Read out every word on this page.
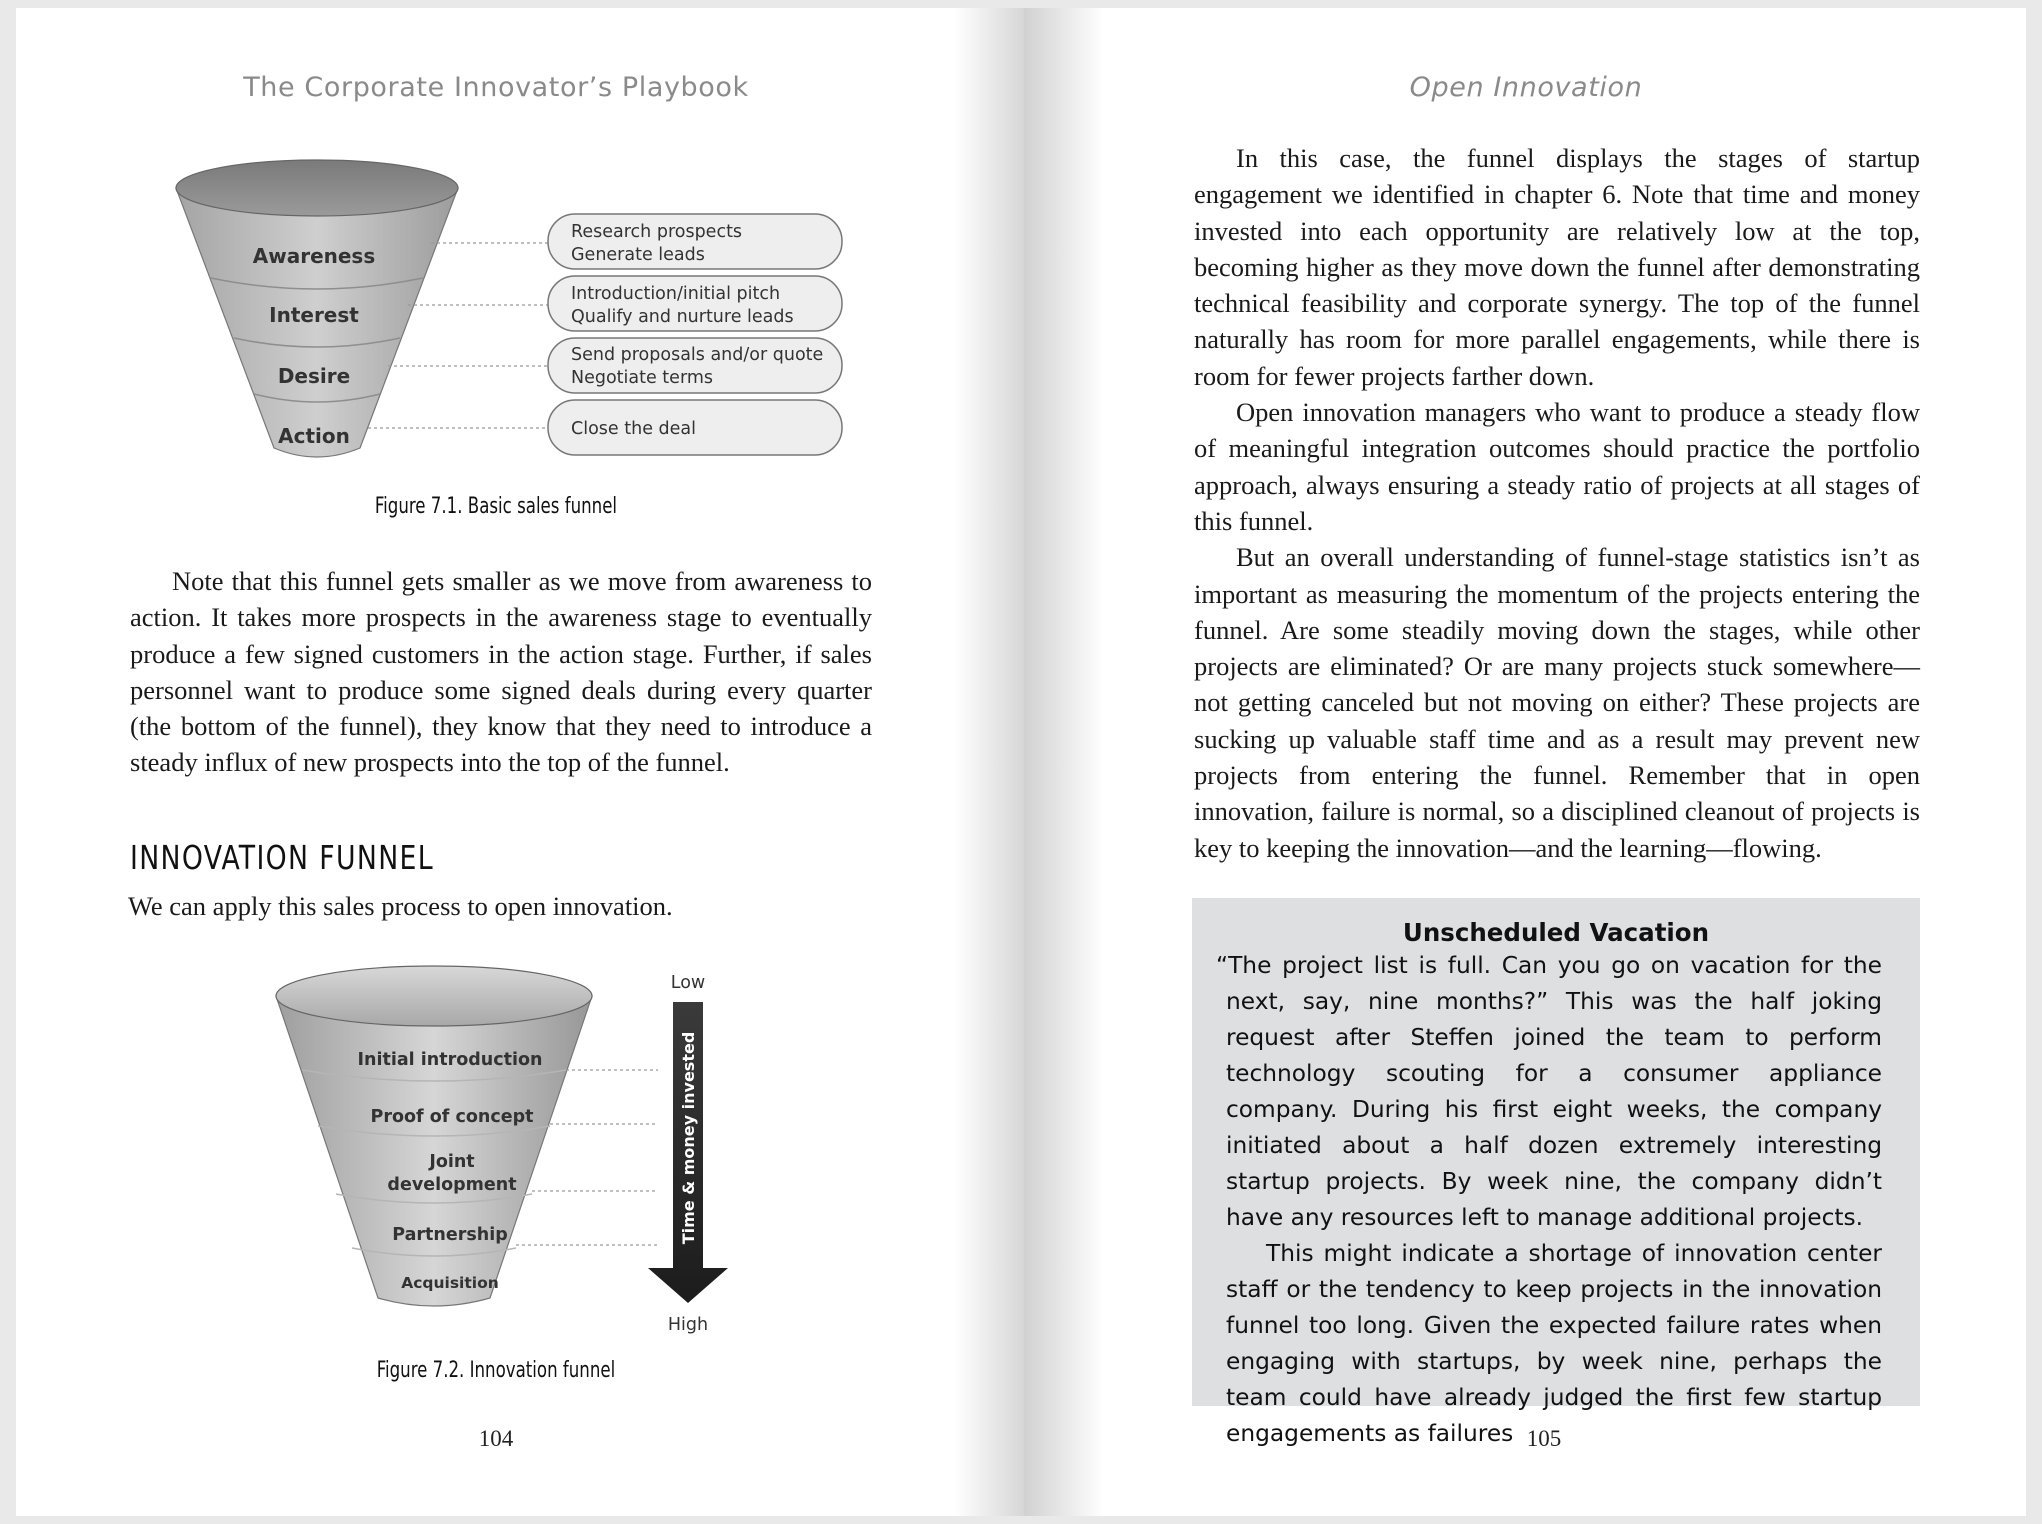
The Corporate Innovator’s Playbook
Awareness
Interest
Desire
Action
Research prospects
Generate leads
Introduction/initial pitch
Qualify and nurture leads
Send proposals and/or quote
Negotiate terms
Close the deal
Figure 7.1. Basic sales funnel

Note that this funnel gets smaller as we move from awareness to action. It takes more prospects in the awareness stage to eventually produce a few signed customers in the action stage. Further, if sales personnel want to produce some signed deals during every quarter (the bottom of the funnel), they know that they need to introduce a steady influx of new prospects into the top of the funnel.

INNOVATION FUNNEL

We can apply this sales process to open innovation.

Initial introduction
Proof of concept
Joint
development
Partnership
Acquisition
Low
Time & money invested
High
Figure 7.2. Innovation funnel
104
Open Innovation

In this case, the funnel displays the stages of startup engagement we identified in chapter 6. Note that time and money invested into each opportunity are relatively low at the top, becoming higher as they move down the funnel after demonstrating technical feasibility and corporate synergy. The top of the funnel naturally has room for more parallel engagements, while there is room for fewer projects farther down.

Open innovation managers who want to produce a steady flow of meaningful integration outcomes should practice the portfolio approach, always ensuring a steady ratio of projects at all stages of this funnel.

But an overall understanding of funnel-stage statistics isn’t as important as measuring the momentum of the projects entering the funnel. Are some steadily moving down the stages, while other projects are eliminated? Or are many projects stuck somewhere—not getting canceled but not moving on either? These projects are sucking up valuable staff time and as a result may prevent new projects from entering the funnel. Remember that in open innovation, failure is normal, so a disciplined cleanout of projects is key to keeping the innovation—and the learning—flowing.

Unscheduled Vacation

“The project list is full. Can you go on vacation for the next, say, nine months?” This was the half joking request after Steffen joined the team to perform technology scouting for a consumer appliance company. During his first eight weeks, the company initiated about a half dozen extremely interesting startup projects. By week nine, the company didn’t have any resources left to manage additional projects.

This might indicate a shortage of innovation center staff or the tendency to keep projects in the innovation funnel too long. Given the expected failure rates when engaging with startups, by week nine, perhaps the team could have already judged the first few startup engagements as failures 105
